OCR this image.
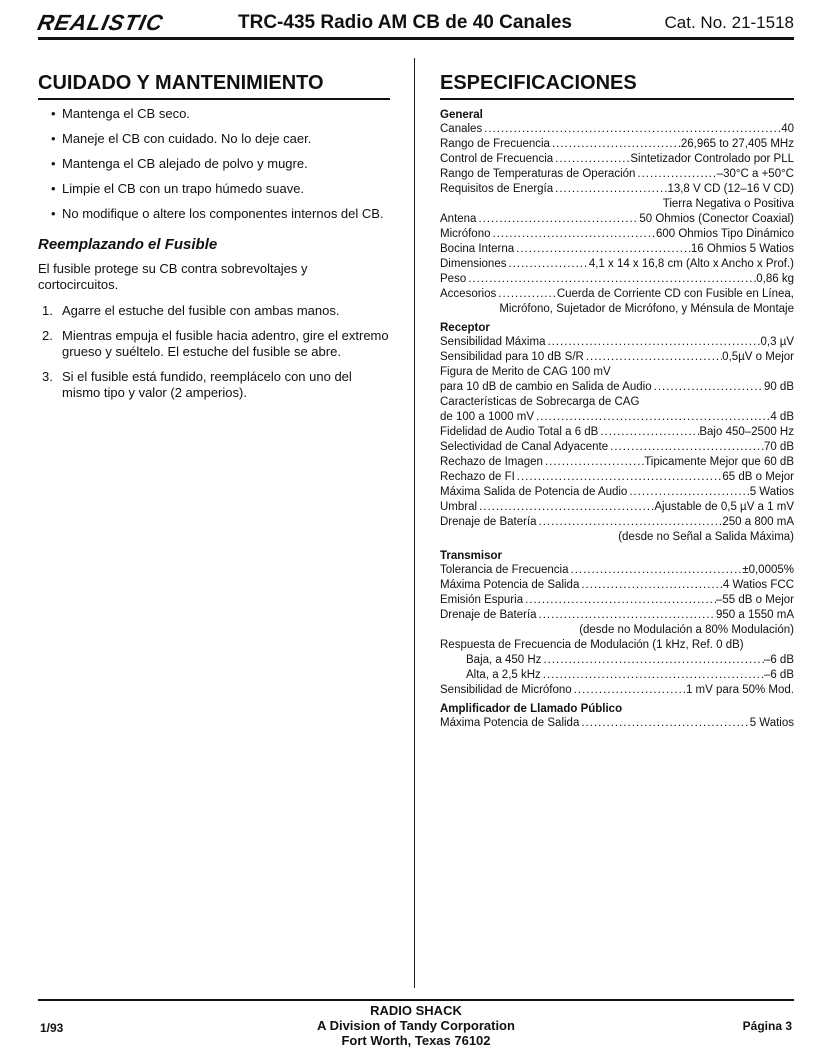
REALISTIC	TRC-435 Radio AM CB de 40 Canales	Cat. No. 21-1518
CUIDADO Y MANTENIMIENTO
• Mantenga el CB seco.
• Maneje el CB con cuidado. No lo deje caer.
• Mantenga el CB alejado de polvo y mugre.
• Limpie el CB con un trapo húmedo suave.
• No modifique o altere los componentes internos del CB.
Reemplazando el Fusible

El fusible protege su CB contra sobrevoltajes y cortocircuitos.

1. Agarre el estuche del fusible con ambas manos.
2. Mientras empuja el fusible hacia adentro, gire el extremo grueso y suéltelo. El estuche del fusible se abre.
3. Si el fusible está fundido, reemplácelo con uno del mismo tipo y valor (2 amperios).
ESPECIFICACIONES
General
Canales .....	40
Rango de Frecuencia .....	26,965 to 27,405 MHz
Control de Frecuencia .....	Sintetizador Controlado por PLL
Rango de Temperaturas de Operación .....	–30°C a +50°C
Requisitos de Energía .....	13,8 V CD (12–16 V CD)
Tierra Negativa o Positiva
Antena .....	50 Ohmios (Conector Coaxial)
Micrófono .....	600 Ohmios Tipo Dinámico
Bocina Interna .....	16 Ohmios 5 Watios
Dimensiones .....	4,1 x 14 x 16,8 cm (Alto x Ancho x Prof.)
Peso .....	0,86 kg
Accesorios .....	Cuerda de Corriente CD con Fusible en Línea,
Micrófono, Sujetador de Micrófono, y Ménsula de Montaje
Receptor
Sensibilidad Máxima .....	0,3 µV
Sensibilidad para 10 dB S/R .....	0,5µV o Mejor
Figura de Merito de CAG 100 mV
para 10 dB de cambio en Salida de Audio .....	90 dB
Características de Sobrecarga de CAG
de 100 a 1000 mV .....	4 dB
Fidelidad de Audio Total a 6 dB .....	Bajo 450–2500 Hz
Selectividad de Canal Adyacente .....	70 dB
Rechazo de Imagen .....	Tipicamente Mejor que 60 dB
Rechazo de FI .....	65 dB o Mejor
Máxima Salida de Potencia de Audio .....	5 Watios
Umbral .....	Ajustable de 0,5 µV a 1 mV
Drenaje de Batería .....	250 a 800 mA
(desde no Señal a Salida Máxima)
Transmisor
Tolerancia de Frecuencia .....	±0,0005%
Máxima Potencia de Salida .....	4 Watios FCC
Emisión Espuria .....	–55 dB o Mejor
Drenaje de Batería .....	950 a 1550 mA
(desde no Modulación a 80% Modulación)
Respuesta de Frecuencia de Modulación (1 kHz, Ref. 0 dB)
Baja, a 450 Hz .....	–6 dB
Alta, a 2,5 kHz .....	–6 dB
Sensibilidad de Micrófono .....	1 mV para 50% Mod.
Amplificador de Llamado Público
Máxima Potencia de Salida .....	5 Watios
1/93
RADIO SHACK
A Division of Tandy Corporation
Fort Worth, Texas 76102
Página 3
